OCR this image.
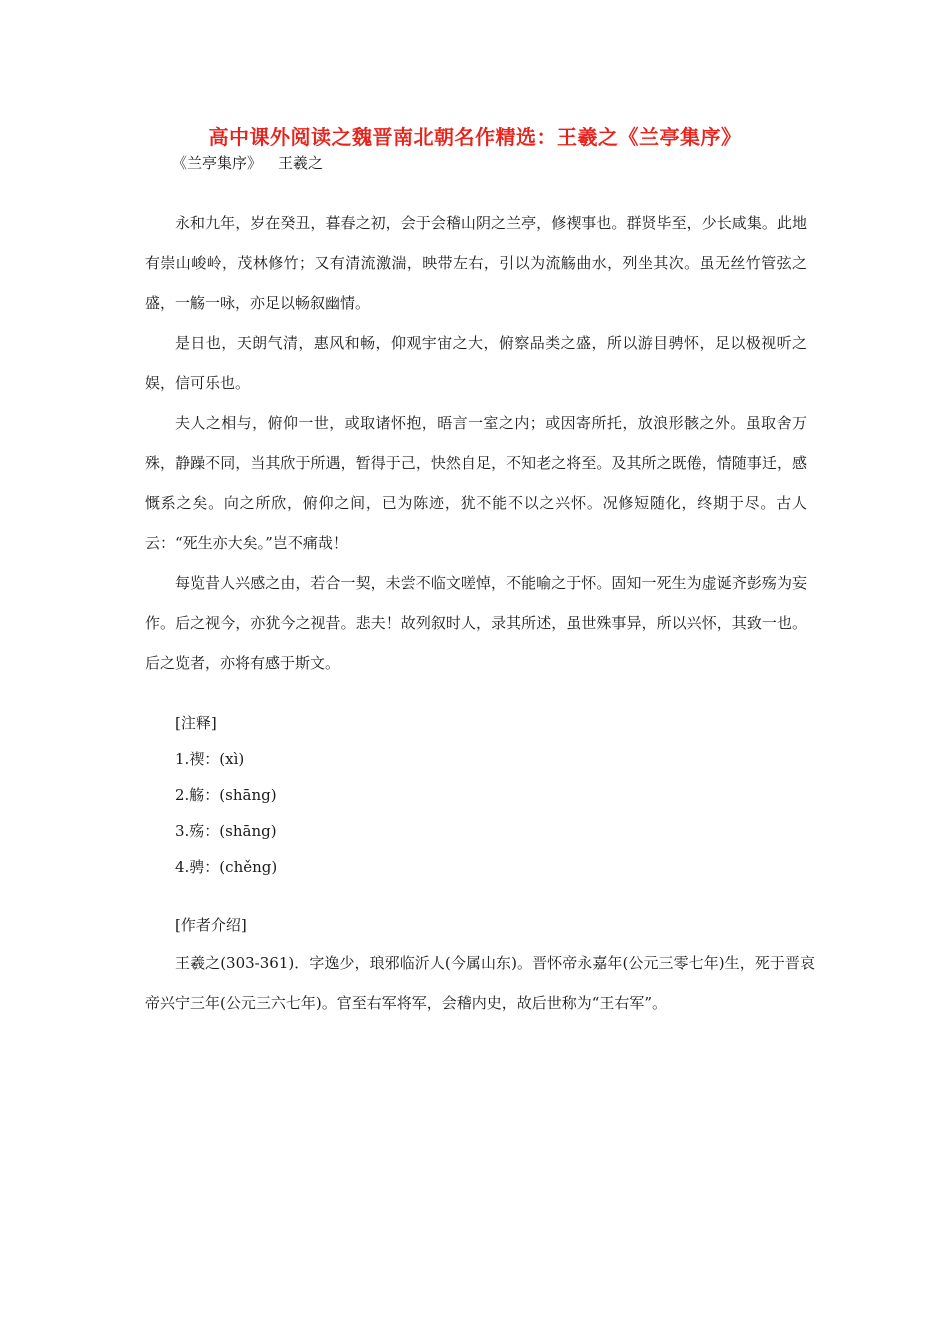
高中课外阅读之魏晋南北朝名作精选：王羲之《兰亭集序》
《兰亭集序》 王羲之

永和九年，岁在癸丑，暮春之初，会于会稽山阴之兰亭，修禊事也。群贤毕至，少长咸集。此地有崇山峻岭，茂林修竹；又有清流激湍，映带左右，引以为流觞曲水，列坐其次。虽无丝竹管弦之盛，一觞一咏，亦足以畅叙幽情。

是日也，天朗气清，惠风和畅，仰观宇宙之大，俯察品类之盛，所以游目骋怀，足以极视听之娱，信可乐也。

夫人之相与，俯仰一世，或取诸怀抱，晤言一室之内；或因寄所托，放浪形骸之外。虽取舍万殊，静躁不同，当其欣于所遇，暂得于己，快然自足，不知老之将至。及其所之既倦，情随事迁，感慨系之矣。向之所欣，俯仰之间，已为陈迹，犹不能不以之兴怀。况修短随化，终期于尽。古人云：“死生亦大矣。”岂不痛哉！

每览昔人兴感之由，若合一契，未尝不临文嗟悼，不能喻之于怀。固知一死生为虚诞齐彭殇为妄作。后之视今，亦犹今之视昔。悲夫！故列叙时人，录其所述，虽世殊事异，所以兴怀，其致一也。后之览者，亦将有感于斯文。

[注释]
1.禊：(xì)
2.觞：(shāng)
3.殇：(shāng)
4.骋：(chěng)
[作者介绍]

王羲之(303-361)．字逸少，琅邪临沂人(今属山东)。晋怀帝永嘉年(公元三零七年)生，死于晋哀帝兴宁三年(公元三六七年)。官至右军将军，会稽内史，故后世称为“王右军”。
